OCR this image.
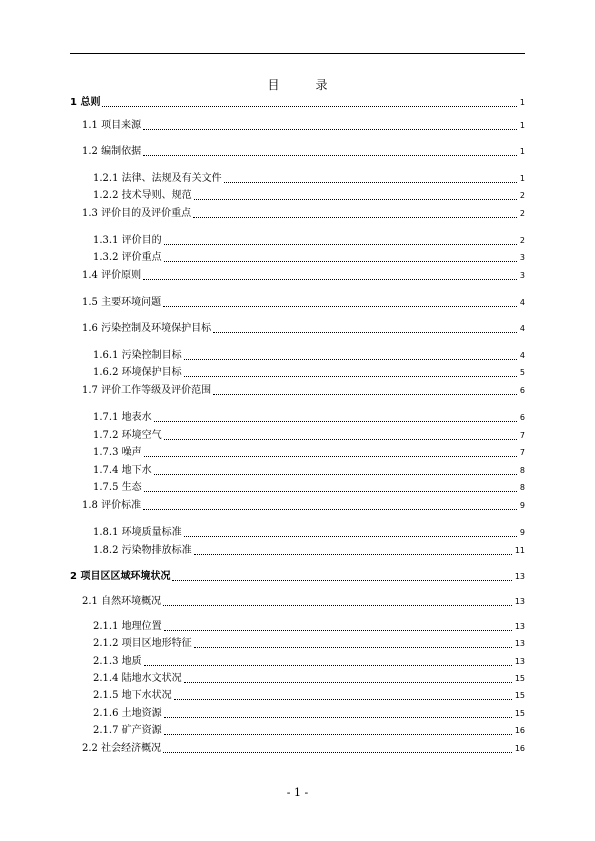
目	录
1 总则	1
1.1 项目来源	1
1.2 编制依据	1
1.2.1 法律、法规及有关文件	1
1.2.2 技术导则、规范	2
1.3 评价目的及评价重点	2
1.3.1 评价目的	2
1.3.2 评价重点	3
1.4 评价原则	3
1.5 主要环境问题	4
1.6 污染控制及环境保护目标	4
1.6.1 污染控制目标	4
1.6.2 环境保护目标	5
1.7 评价工作等级及评价范围	6
1.7.1 地表水	6
1.7.2 环境空气	7
1.7.3 噪声	7
1.7.4 地下水	8
1.7.5 生态	8
1.8 评价标准	9
1.8.1 环境质量标准	9
1.8.2 污染物排放标准	11
2 项目区区域环境状况	13
2.1 自然环境概况	13
2.1.1 地理位置	13
2.1.2 项目区地形特征	13
2.1.3 地质	13
2.1.4 陆地水文状况	15
2.1.5 地下水状况	15
2.1.6 土地资源	15
2.1.7 矿产资源	16
2.2 社会经济概况	16
- 1 -
